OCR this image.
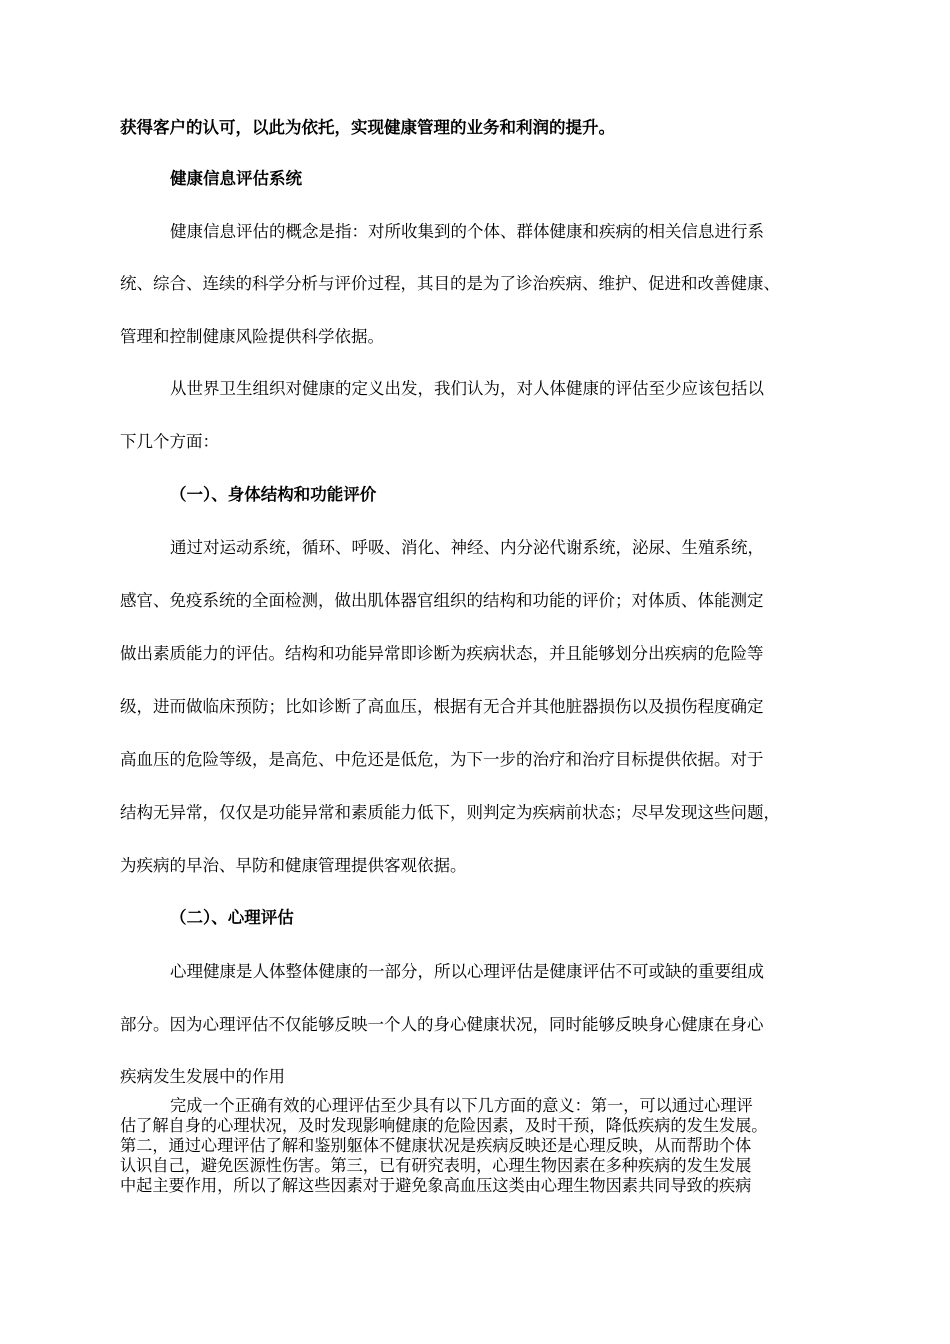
获得客户的认可，以此为依托，实现健康管理的业务和利润的提升。

健康信息评估系统

健康信息评估的概念是指：对所收集到的个体、群体健康和疾病的相关信息进行系

统、综合、连续的科学分析与评价过程，其目的是为了诊治疾病、维护、促进和改善健康、

管理和控制健康风险提供科学依据。

从世界卫生组织对健康的定义出发，我们认为，对人体健康的评估至少应该包括以

下几个方面：

（一）、身体结构和功能评价

通过对运动系统，循环、呼吸、消化、神经、内分泌代谢系统，泌尿、生殖系统，

感官、免疫系统的全面检测，做出肌体器官组织的结构和功能的评价；对体质、体能测定

做出素质能力的评估。结构和功能异常即诊断为疾病状态，并且能够划分出疾病的危险等

级，进而做临床预防；比如诊断了高血压，根据有无合并其他脏器损伤以及损伤程度确定

高血压的危险等级，是高危、中危还是低危，为下一步的治疗和治疗目标提供依据。对于

结构无异常，仅仅是功能异常和素质能力低下，则判定为疾病前状态；尽早发现这些问题，

为疾病的早治、早防和健康管理提供客观依据。

（二）、心理评估

心理健康是人体整体健康的一部分，所以心理评估是健康评估不可或缺的重要组成

部分。因为心理评估不仅能够反映一个人的身心健康状况，同时能够反映身心健康在身心

疾病发生发展中的作用

完成一个正确有效的心理评估至少具有以下几方面的意义：第一，可以通过心理评

估了解自身的心理状况，及时发现影响健康的危险因素，及时干预，降低疾病的发生发展。

第二，通过心理评估了解和鉴别躯体不健康状况是疾病反映还是心理反映，从而帮助个体

认识自己，避免医源性伤害。第三，已有研究表明，心理生物因素在多种疾病的发生发展

中起主要作用，所以了解这些因素对于避免象高血压这类由心理生物因素共同导致的疾病
